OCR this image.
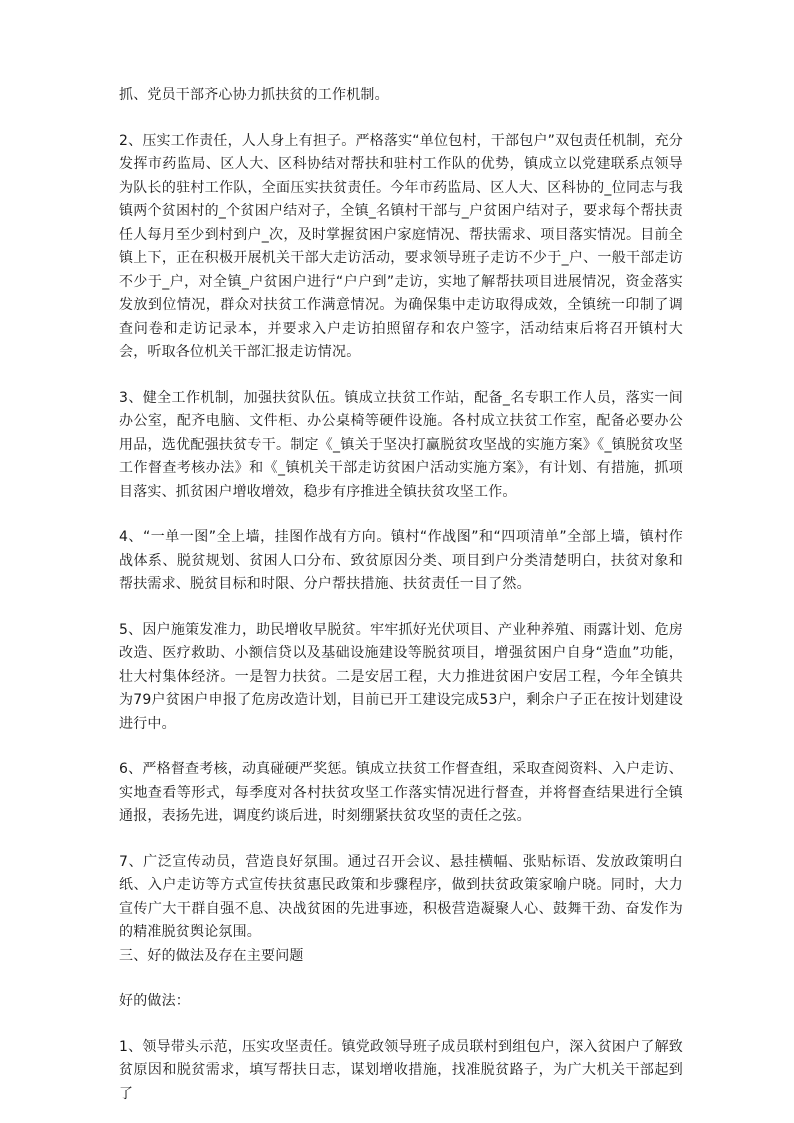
抓、党员干部齐心协力抓扶贫的工作机制。

2、压实工作责任，人人身上有担子。严格落实“单位包村，干部包户”双包责任机制，充分发挥市药监局、区人大、区科协结对帮扶和驻村工作队的优势，镇成立以党建联系点领导为队长的驻村工作队，全面压实扶贫责任。今年市药监局、区人大、区科协的_位同志与我镇两个贫困村的_个贫困户结对子，全镇_名镇村干部与_户贫困户结对子，要求每个帮扶责任人每月至少到村到户_次，及时掌握贫困户家庭情况、帮扶需求、项目落实情况。目前全镇上下，正在积极开展机关干部大走访活动，要求领导班子走访不少于_户、一般干部走访不少于_户，对全镇_户贫困户进行“户户到”走访，实地了解帮扶项目进展情况，资金落实发放到位情况，群众对扶贫工作满意情况。为确保集中走访取得成效，全镇统一印制了调查问卷和走访记录本，并要求入户走访拍照留存和农户签字，活动结束后将召开镇村大会，听取各位机关干部汇报走访情况。

3、健全工作机制，加强扶贫队伍。镇成立扶贫工作站，配备_名专职工作人员，落实一间办公室，配齐电脑、文件柜、办公桌椅等硬件设施。各村成立扶贫工作室，配备必要办公用品，选优配强扶贫专干。制定《_镇关于坚决打赢脱贫攻坚战的实施方案》《_镇脱贫攻坚工作督查考核办法》和《_镇机关干部走访贫困户活动实施方案》，有计划、有措施，抓项目落实、抓贫困户增收增效，稳步有序推进全镇扶贫攻坚工作。

4、“一单一图”全上墙，挂图作战有方向。镇村“作战图”和“四项清单”全部上墙，镇村作战体系、脱贫规划、贫困人口分布、致贫原因分类、项目到户分类清楚明白，扶贫对象和帮扶需求、脱贫目标和时限、分户帮扶措施、扶贫责任一目了然。

5、因户施策发准力，助民增收早脱贫。牢牢抓好光伏项目、产业种养殖、雨露计划、危房改造、医疗救助、小额信贷以及基础设施建设等脱贫项目，增强贫困户自身“造血”功能，壮大村集体经济。一是智力扶贫。二是安居工程，大力推进贫困户安居工程，今年全镇共为79户贫困户申报了危房改造计划，目前已开工建设完成53户，剩余户子正在按计划建设进行中。

6、严格督查考核，动真碰硬严奖惩。镇成立扶贫工作督查组，采取查阅资料、入户走访、实地查看等形式，每季度对各村扶贫攻坚工作落实情况进行督查，并将督查结果进行全镇通报，表扬先进，调度约谈后进，时刻绷紧扶贫攻坚的责任之弦。

7、广泛宣传动员，营造良好氛围。通过召开会议、悬挂横幅、张贴标语、发放政策明白纸、入户走访等方式宣传扶贫惠民政策和步骤程序，做到扶贫政策家喻户晓。同时，大力宣传广大干群自强不息、决战贫困的先进事迹，积极营造凝聚人心、鼓舞干劲、奋发作为的精准脱贫舆论氛围。

三、好的做法及存在主要问题

好的做法：

1、领导带头示范，压实攻坚责任。镇党政领导班子成员联村到组包户，深入贫困户了解致贫原因和脱贫需求，填写帮扶日志，谋划增收措施，找准脱贫路子，为广大机关干部起到了
